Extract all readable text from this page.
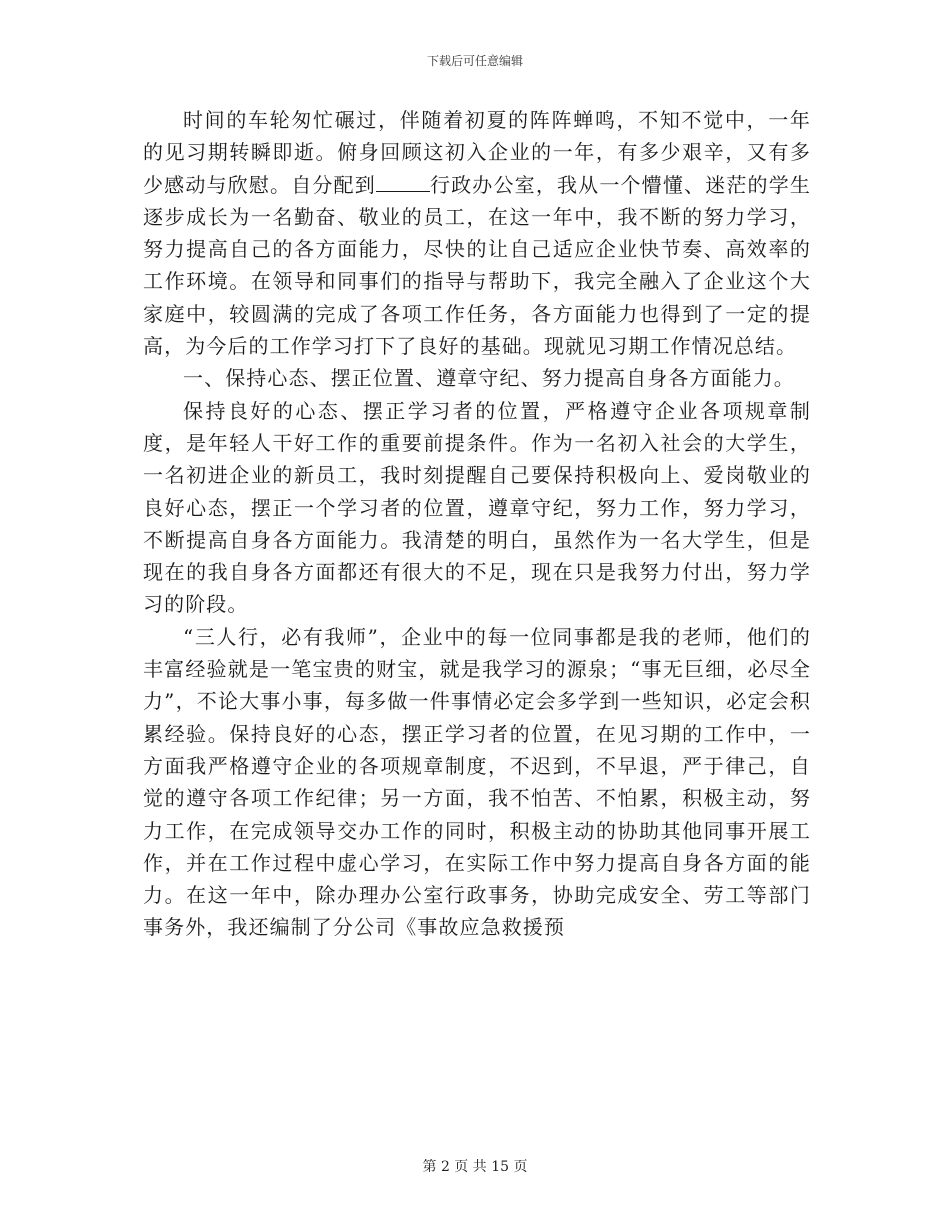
下载后可任意编辑

时间的车轮匆忙碾过，伴随着初夏的阵阵蝉鸣，不知不觉中，一年的见习期转瞬即逝。俯身回顾这初入企业的一年，有多少艰辛，又有多少感动与欣慰。自分配到	行政办公室，我从一个懵懂、迷茫的学生逐步成长为一名勤奋、敬业的员工，在这一年中，我不断的努力学习，努力提高自己的各方面能力，尽快的让自己适应企业快节奏、高效率的工作环境。在领导和同事们的指导与帮助下，我完全融入了企业这个大家庭中，较圆满的完成了各项工作任务，各方面能力也得到了一定的提高，为今后的工作学习打下了良好的基础。现就见习期工作情况总结。

一、保持心态、摆正位置、遵章守纪、努力提高自身各方面能力。

保持良好的心态、摆正学习者的位置，严格遵守企业各项规章制度，是年轻人干好工作的重要前提条件。作为一名初入社会的大学生，一名初进企业的新员工，我时刻提醒自己要保持积极向上、爱岗敬业的良好心态，摆正一个学习者的位置，遵章守纪，努力工作，努力学习，不断提高自身各方面能力。我清楚的明白，虽然作为一名大学生，但是现在的我自身各方面都还有很大的不足，现在只是我努力付出，努力学习的阶段。

“三人行，必有我师”，企业中的每一位同事都是我的老师，他们的丰富经验就是一笔宝贵的财宝，就是我学习的源泉；“事无巨细，必尽全力”，不论大事小事，每多做一件事情必定会多学到一些知识，必定会积累经验。保持良好的心态，摆正学习者的位置，在见习期的工作中，一方面我严格遵守企业的各项规章制度，不迟到，不早退，严于律己，自觉的遵守各项工作纪律；另一方面，我不怕苦、不怕累，积极主动，努力工作，在完成领导交办工作的同时，积极主动的协助其他同事开展工作，并在工作过程中虚心学习，在实际工作中努力提高自身各方面的能力。在这一年中，除办理办公室行政事务，协助完成安全、劳工等部门事务外，我还编制了分公司《事故应急救援预

第 2 页 共 15 页
